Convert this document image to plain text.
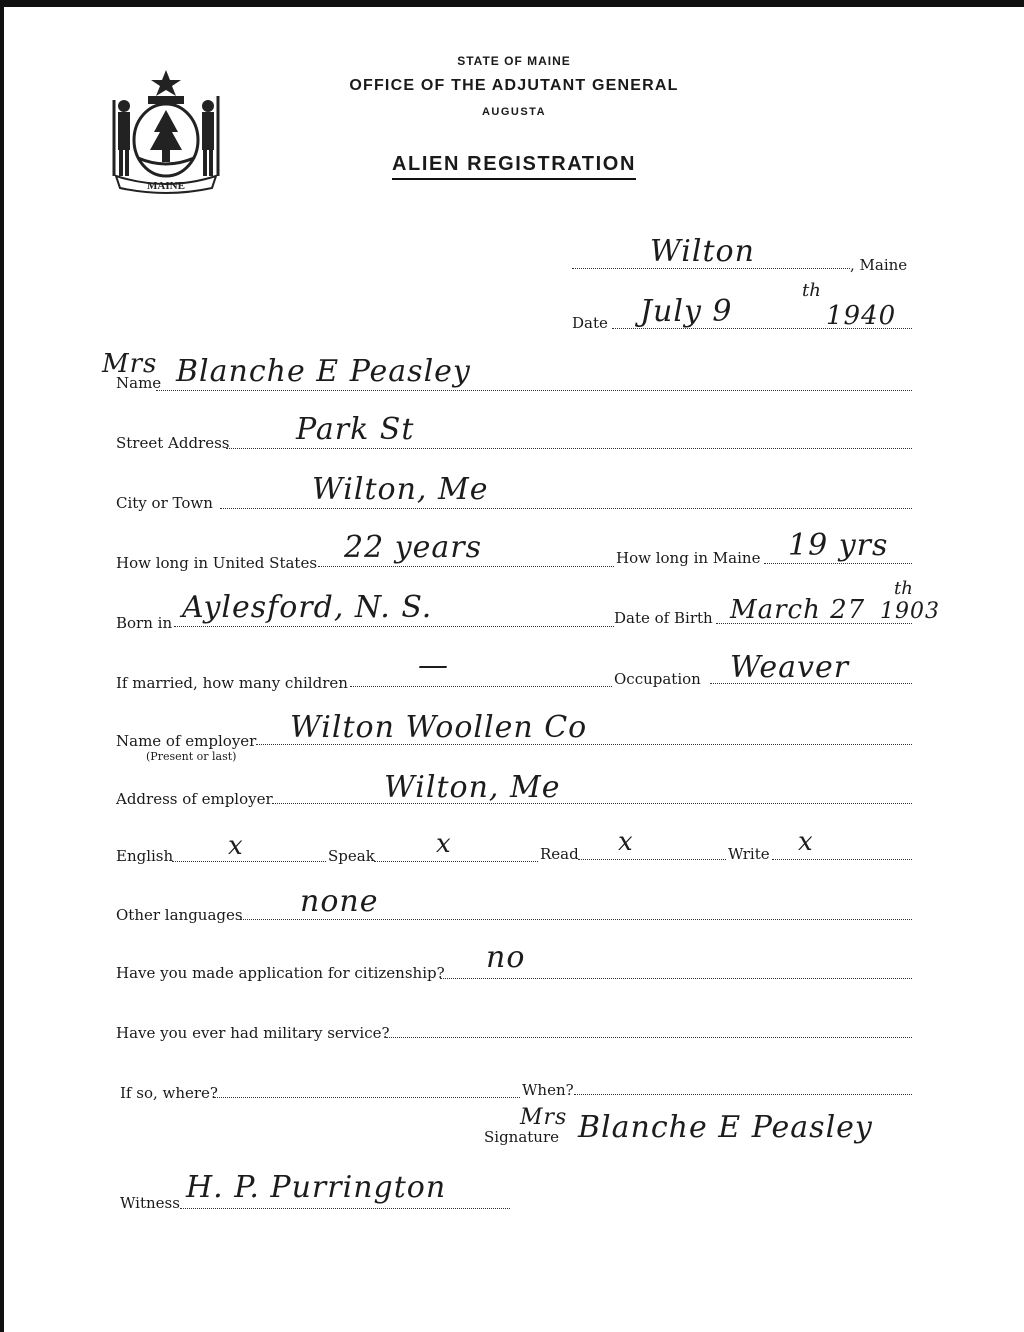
MAINE
STATE OF MAINE
OFFICE OF THE ADJUTANT GENERAL
AUGUSTA
ALIEN REGISTRATION
Wilton	, Maine
Date July 9
th
1940
Mrs
Name Blanche E Peasley
Street Address Park St
City or Town	Wilton, Me
How long in United States 22 years	How long in Maine 19 yrs
Born in Aylesford, N. S.	Date of Birth March 27
th
1903
If married, how many children —	Occupation Weaver
Name of employer
(Present or last)
Wilton Woollen Co
Address of employer	Wilton, Me
English x	Speak x	Read x	Write x
Other languages none
Have you made application for citizenship? no
Have you ever had military service?
If so, where?	When?
Signature
Mrs Blanche E Peasley
Witness H. P. Purrington
